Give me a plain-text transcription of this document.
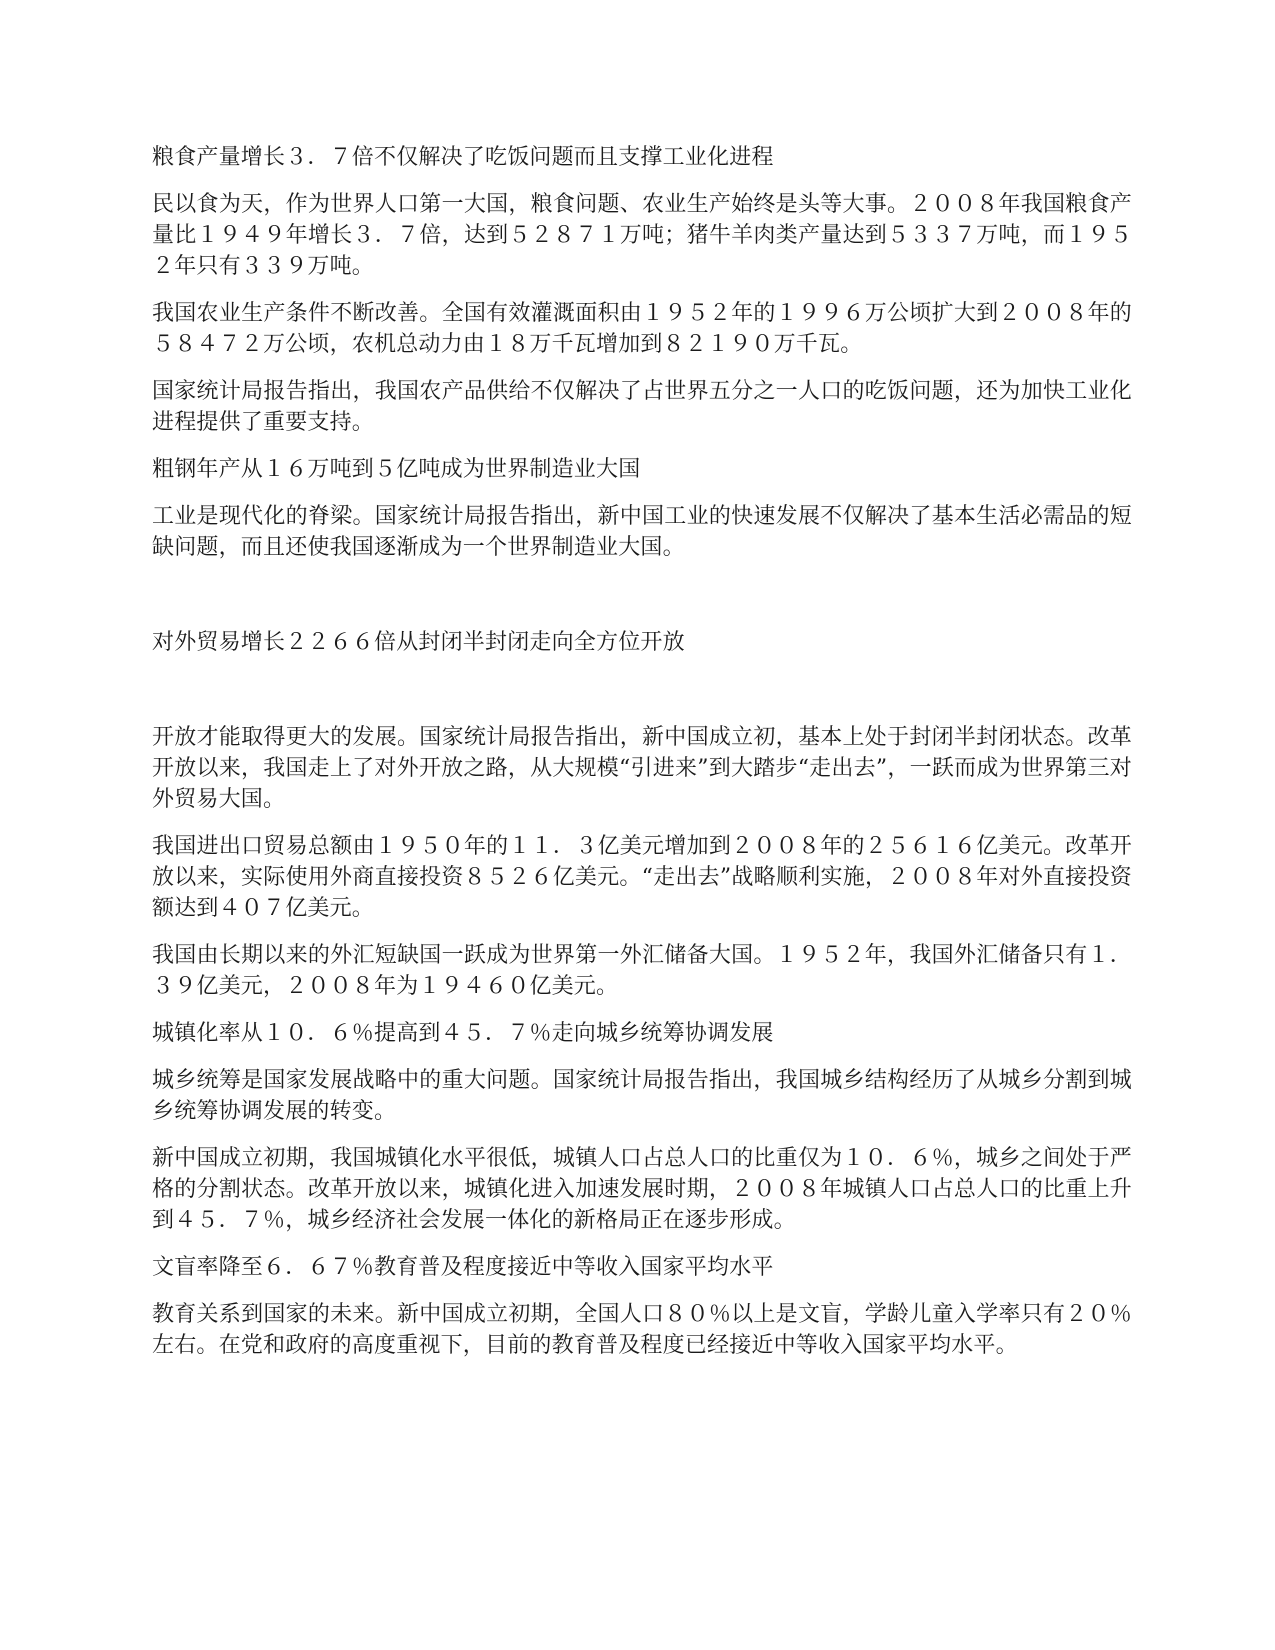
粮食产量增长３．７倍不仅解决了吃饭问题而且支撑工业化进程

民以食为天，作为世界人口第一大国，粮食问题、农业生产始终是头等大事。２００８年我国粮食产量比１９４９年增长３．７倍，达到５２８７１万吨；猪牛羊肉类产量达到５３３７万吨，而１９５２年只有３３９万吨。

我国农业生产条件不断改善。全国有效灌溉面积由１９５２年的１９９６万公顷扩大到２００８年的５８４７２万公顷，农机总动力由１８万千瓦增加到８２１９０万千瓦。

国家统计局报告指出，我国农产品供给不仅解决了占世界五分之一人口的吃饭问题，还为加快工业化进程提供了重要支持。

粗钢年产从１６万吨到５亿吨成为世界制造业大国

工业是现代化的脊梁。国家统计局报告指出，新中国工业的快速发展不仅解决了基本生活必需品的短缺问题，而且还使我国逐渐成为一个世界制造业大国。

对外贸易增长２２６６倍从封闭半封闭走向全方位开放

开放才能取得更大的发展。国家统计局报告指出，新中国成立初，基本上处于封闭半封闭状态。改革开放以来，我国走上了对外开放之路，从大规模“引进来”到大踏步“走出去”，一跃而成为世界第三对外贸易大国。

我国进出口贸易总额由１９５０年的１１．３亿美元增加到２００８年的２５６１６亿美元。改革开放以来，实际使用外商直接投资８５２６亿美元。“走出去”战略顺利实施，２００８年对外直接投资额达到４０７亿美元。

我国由长期以来的外汇短缺国一跃成为世界第一外汇储备大国。１９５２年，我国外汇储备只有１．３９亿美元，２００８年为１９４６０亿美元。

城镇化率从１０．６％提高到４５．７％走向城乡统筹协调发展

城乡统筹是国家发展战略中的重大问题。国家统计局报告指出，我国城乡结构经历了从城乡分割到城乡统筹协调发展的转变。

新中国成立初期，我国城镇化水平很低，城镇人口占总人口的比重仅为１０．６％，城乡之间处于严格的分割状态。改革开放以来，城镇化进入加速发展时期，２００８年城镇人口占总人口的比重上升到４５．７％，城乡经济社会发展一体化的新格局正在逐步形成。

文盲率降至６．６７％教育普及程度接近中等收入国家平均水平

教育关系到国家的未来。新中国成立初期，全国人口８０％以上是文盲，学龄儿童入学率只有２０％左右。在党和政府的高度重视下，目前的教育普及程度已经接近中等收入国家平均水平。
